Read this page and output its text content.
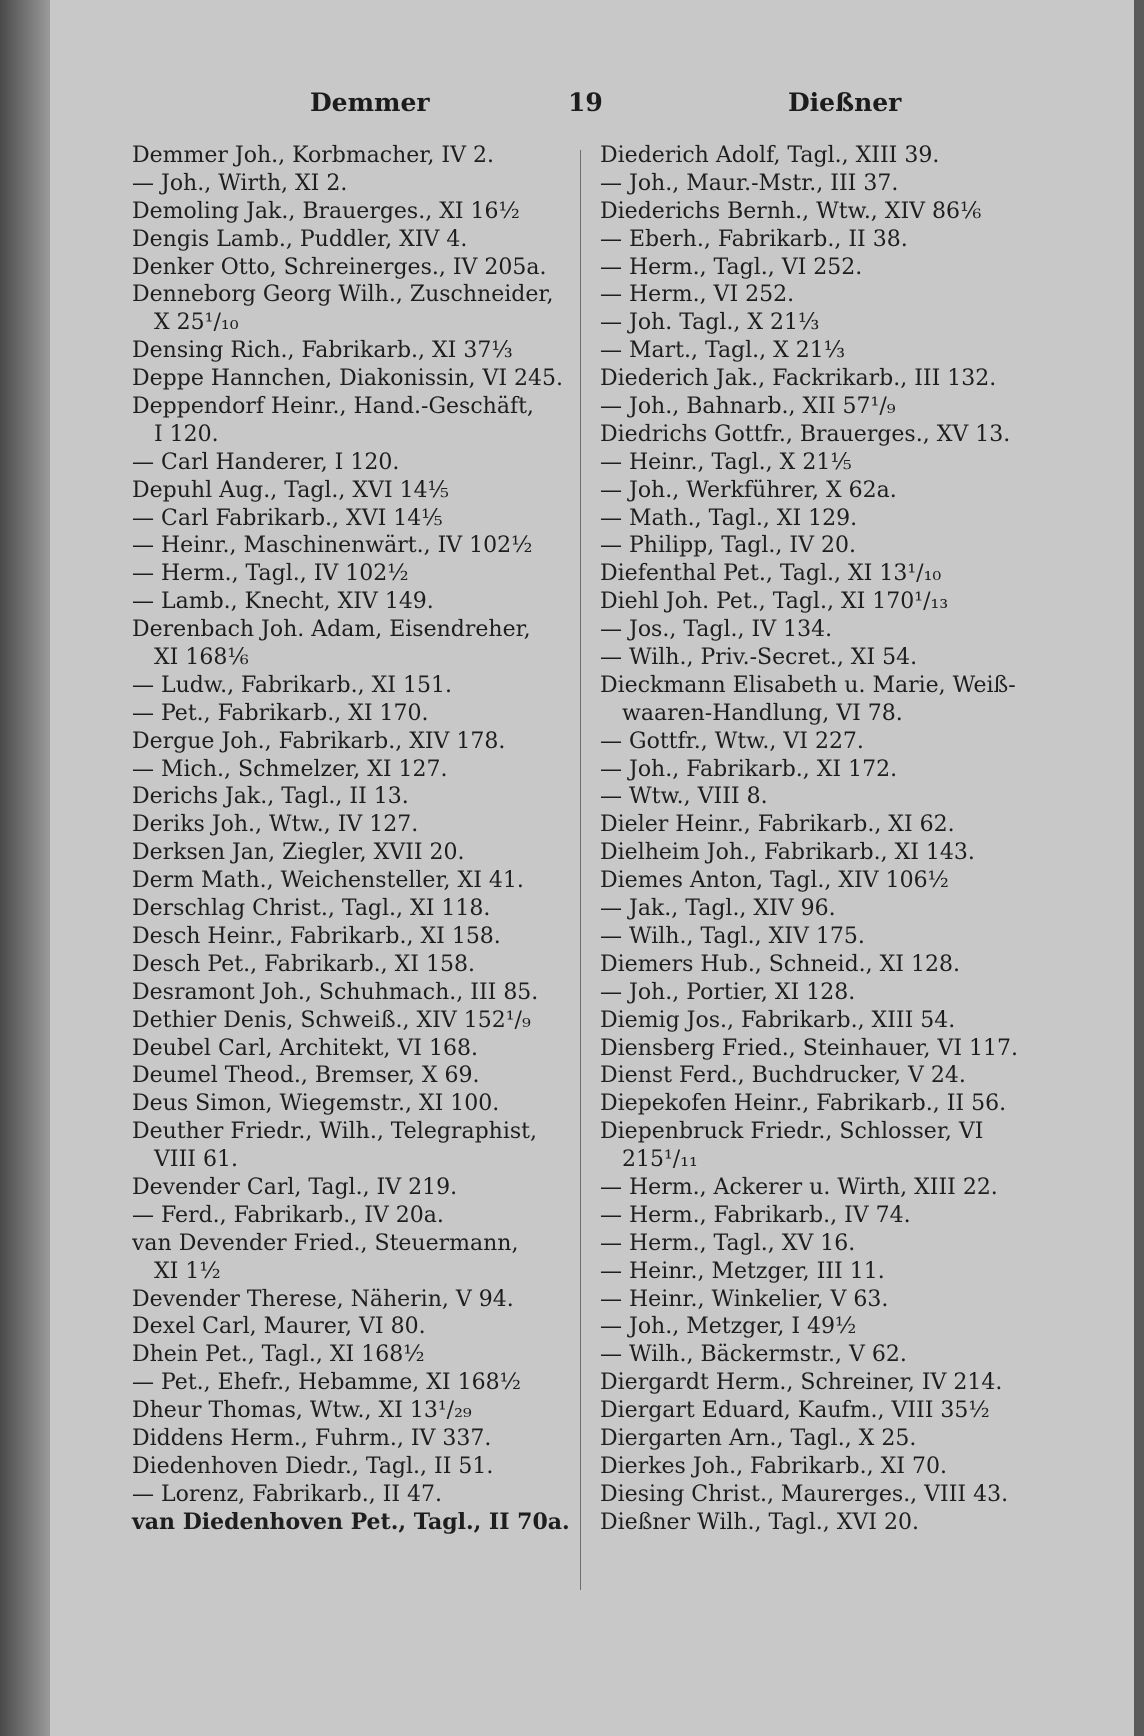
Demmer	19	Dießner
Demmer Joh., Korbmacher, IV 2.
— Joh., Wirth, XI 2.
Demoling Jak., Brauerges., XI 16½
Dengis Lamb., Puddler, XIV 4.
Denker Otto, Schreinerges., IV 205a.
Denneborg Georg Wilh., Zuschneider,
X 25¹/₁₀
Densing Rich., Fabrikarb., XI 37⅓
Deppe Hannchen, Diakonissin, VI 245.
Deppendorf Heinr., Hand.-Geschäft,
I 120.
— Carl Handerer, I 120.
Depuhl Aug., Tagl., XVI 14⅕
— Carl Fabrikarb., XVI 14⅕
— Heinr., Maschinenwärt., IV 102½
— Herm., Tagl., IV 102½
— Lamb., Knecht, XIV 149.
Derenbach Joh. Adam, Eisendreher,
XI 168⅙
— Ludw., Fabrikarb., XI 151.
— Pet., Fabrikarb., XI 170.
Dergue Joh., Fabrikarb., XIV 178.
— Mich., Schmelzer, XI 127.
Derichs Jak., Tagl., II 13.
Deriks Joh., Wtw., IV 127.
Derksen Jan, Ziegler, XVII 20.
Derm Math., Weichensteller, XI 41.
Derschlag Christ., Tagl., XI 118.
Desch Heinr., Fabrikarb., XI 158.
Desch Pet., Fabrikarb., XI 158.
Desramont Joh., Schuhmach., III 85.
Dethier Denis, Schweiß., XIV 152¹/₉
Deubel Carl, Architekt, VI 168.
Deumel Theod., Bremser, X 69.
Deus Simon, Wiegemstr., XI 100.
Deuther Friedr., Wilh., Telegraphist,
VIII 61.
Devender Carl, Tagl., IV 219.
— Ferd., Fabrikarb., IV 20a.
van Devender Fried., Steuermann,
XI 1½
Devender Therese, Näherin, V 94.
Dexel Carl, Maurer, VI 80.
Dhein Pet., Tagl., XI 168½
— Pet., Ehefr., Hebamme, XI 168½
Dheur Thomas, Wtw., XI 13¹/₂₉
Diddens Herm., Fuhrm., IV 337.
Diedenhoven Diedr., Tagl., II 51.
— Lorenz, Fabrikarb., II 47.
van Diedenhoven Pet., Tagl., II 70a.
Diederich Adolf, Tagl., XIII 39.
— Joh., Maur.-Mstr., III 37.
Diederichs Bernh., Wtw., XIV 86⅙
— Eberh., Fabrikarb., II 38.
— Herm., Tagl., VI 252.
— Herm., VI 252.
— Joh. Tagl., X 21⅓
— Mart., Tagl., X 21⅓
Diederich Jak., Fackrikarb., III 132.
— Joh., Bahnarb., XII 57¹/₉
Diedrichs Gottfr., Brauerges., XV 13.
— Heinr., Tagl., X 21⅕
— Joh., Werkführer, X 62a.
— Math., Tagl., XI 129.
— Philipp, Tagl., IV 20.
Diefenthal Pet., Tagl., XI 13¹/₁₀
Diehl Joh. Pet., Tagl., XI 170¹/₁₃
— Jos., Tagl., IV 134.
— Wilh., Priv.-Secret., XI 54.
Dieckmann Elisabeth u. Marie, Weiß-
waaren-Handlung, VI 78.
— Gottfr., Wtw., VI 227.
— Joh., Fabrikarb., XI 172.
— Wtw., VIII 8.
Dieler Heinr., Fabrikarb., XI 62.
Dielheim Joh., Fabrikarb., XI 143.
Diemes Anton, Tagl., XIV 106½
— Jak., Tagl., XIV 96.
— Wilh., Tagl., XIV 175.
Diemers Hub., Schneid., XI 128.
— Joh., Portier, XI 128.
Diemig Jos., Fabrikarb., XIII 54.
Diensberg Fried., Steinhauer, VI 117.
Dienst Ferd., Buchdrucker, V 24.
Diepekofen Heinr., Fabrikarb., II 56.
Diepenbruck Friedr., Schlosser, VI
215¹/₁₁
— Herm., Ackerer u. Wirth, XIII 22.
— Herm., Fabrikarb., IV 74.
— Herm., Tagl., XV 16.
— Heinr., Metzger, III 11.
— Heinr., Winkelier, V 63.
— Joh., Metzger, I 49½
— Wilh., Bäckermstr., V 62.
Diergardt Herm., Schreiner, IV 214.
Diergart Eduard, Kaufm., VIII 35½
Diergarten Arn., Tagl., X 25.
Dierkes Joh., Fabrikarb., XI 70.
Diesing Christ., Maurerges., VIII 43.
Dießner Wilh., Tagl., XVI 20.
